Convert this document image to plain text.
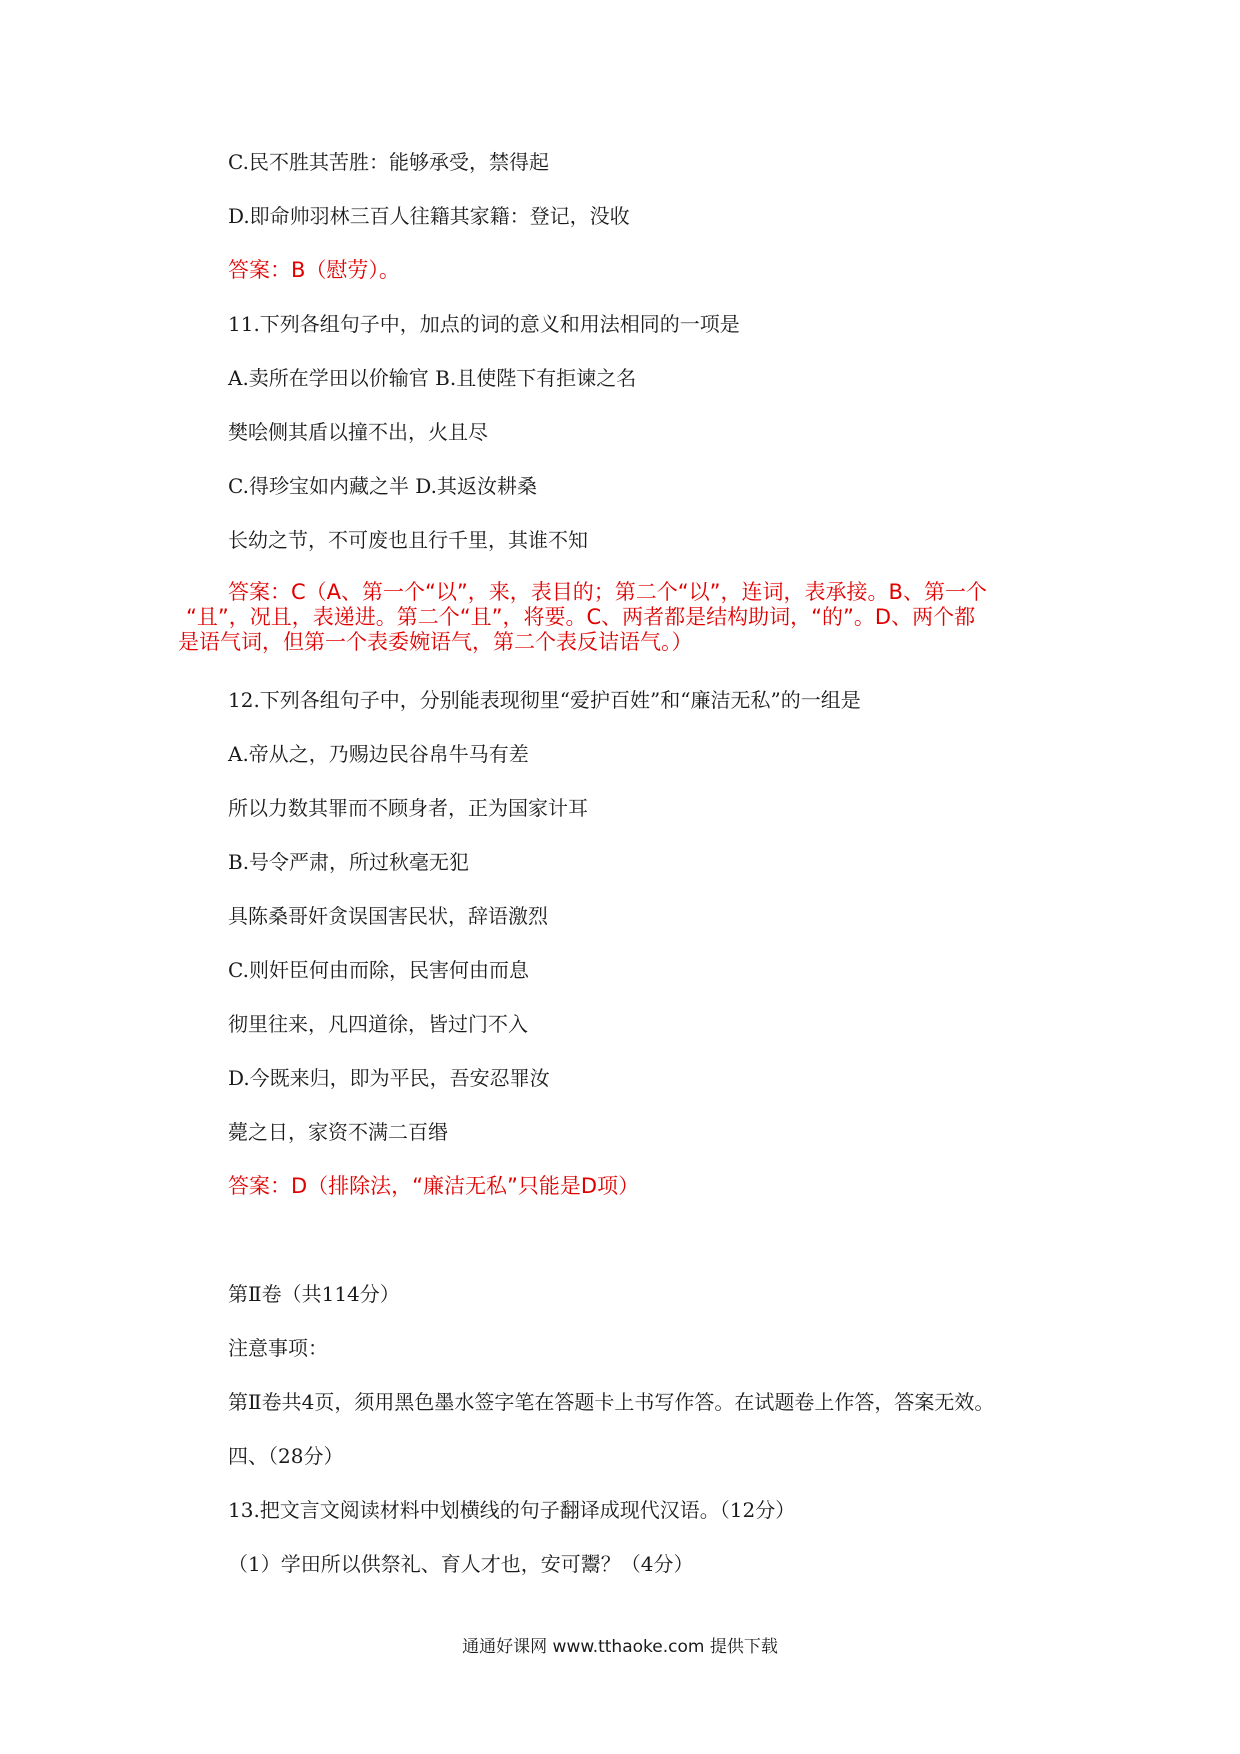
C.民不胜其苦胜：能够承受，禁得起
D.即命帅羽林三百人往籍其家籍：登记，没收
答案：B（慰劳）。
11.下列各组句子中，加点的词的意义和用法相同的一项是
A.卖所在学田以价输官 B.且使陛下有拒谏之名
樊哙侧其盾以撞不出，火且尽
C.得珍宝如内藏之半 D.其返汝耕桑
长幼之节，不可废也且行千里，其谁不知

答案：C（A、第一个“以”，来，表目的；第二个“以”，连词，表承接。B、第一个

“且”，况且，表递进。第二个“且”，将要。C、两者都是结构助词，“的”。D、两个都

是语气词，但第一个表委婉语气，第二个表反诘语气。）

12.下列各组句子中，分别能表现彻里“爱护百姓”和“廉洁无私”的一组是
A.帝从之，乃赐边民谷帛牛马有差
所以力数其罪而不顾身者，正为国家计耳
B.号令严肃，所过秋毫无犯
具陈桑哥奸贪误国害民状，辞语激烈
C.则奸臣何由而除，民害何由而息
彻里往来，凡四道徐，皆过门不入
D.今既来归，即为平民，吾安忍罪汝
薨之日，家资不满二百缗
答案：D（排除法，“廉洁无私”只能是D项）
第Ⅱ卷（共114分）
注意事项：
第Ⅱ卷共4页，须用黑色墨水签字笔在答题卡上书写作答。在试题卷上作答，答案无效。
四、（28分）
13.把文言文阅读材料中划横线的句子翻译成现代汉语。（12分）
（1）学田所以供祭礼、育人才也，安可鬻？（4分）
通通好课网 www.tthaoke.com 提供下载
